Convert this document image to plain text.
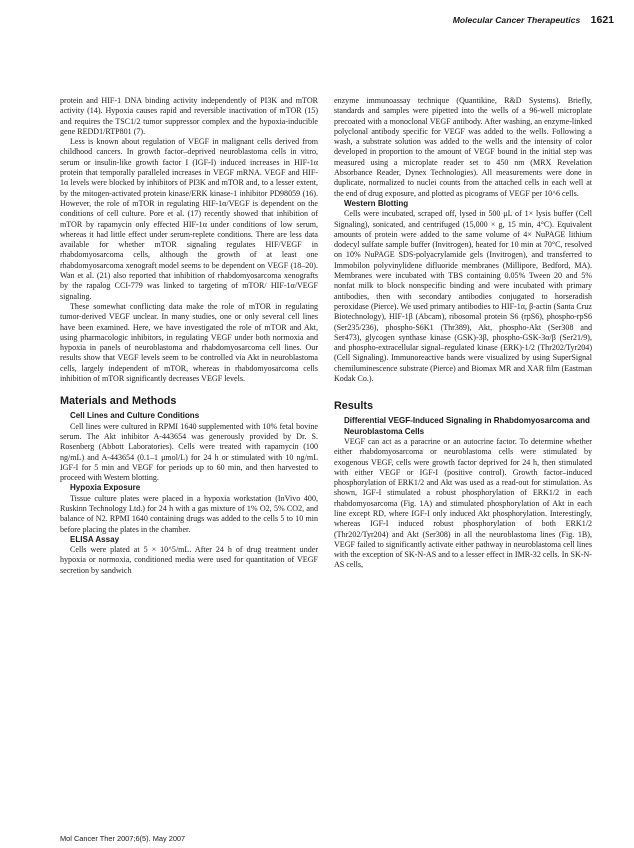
Molecular Cancer Therapeutics 1621

protein and HIF-1 DNA binding activity independently of PI3K and mTOR activity (14). Hypoxia causes rapid and reversible inactivation of mTOR (15) and requires the TSC1/2 tumor suppressor complex and the hypoxia-inducible gene REDD1/RTP801 (7).

Less is known about regulation of VEGF in malignant cells derived from childhood cancers. In growth factor–deprived neuroblastoma cells in vitro, serum or insulin-like growth factor I (IGF-I) induced increases in HIF-1α protein that temporally paralleled increases in VEGF mRNA. VEGF and HIF-1α levels were blocked by inhibitors of PI3K and mTOR and, to a lesser extent, by the mitogen-activated protein kinase/ERK kinase-1 inhibitor PD98059 (16). However, the role of mTOR in regulating HIF-1α/VEGF is dependent on the conditions of cell culture. Pore et al. (17) recently showed that inhibition of mTOR by rapamycin only effected HIF-1α under conditions of low serum, whereas it had little effect under serum-replete conditions. There are less data available for whether mTOR signaling regulates HIF/VEGF in rhabdomyosarcoma cells, although the growth of at least one rhabdomyosarcoma xenograft model seems to be dependent on VEGF (18–20). Wan et al. (21) also reported that inhibition of rhabdomyosarcoma xenografts by the rapalog CCI-779 was linked to targeting of mTOR/ HIF-1α/VEGF signaling.

These somewhat conflicting data make the role of mTOR in regulating tumor-derived VEGF unclear. In many studies, one or only several cell lines have been examined. Here, we have investigated the role of mTOR and Akt, using pharmacologic inhibitors, in regulating VEGF under both normoxia and hypoxia in panels of neuroblastoma and rhabdomyosarcoma cell lines. Our results show that VEGF levels seem to be controlled via Akt in neuroblastoma cells, largely independent of mTOR, whereas in rhabdomyosarcoma cells inhibition of mTOR significantly decreases VEGF levels.

Materials and Methods
Cell Lines and Culture Conditions

Cell lines were cultured in RPMI 1640 supplemented with 10% fetal bovine serum. The Akt inhibitor A-443654 was generously provided by Dr. S. Rosenberg (Abbott Laboratories). Cells were treated with rapamycin (100 ng/mL) and A-443654 (0.1–1 μmol/L) for 24 h or stimulated with 10 ng/mL IGF-I for 5 min and VEGF for periods up to 60 min, and then harvested to proceed with Western blotting.

Hypoxia Exposure

Tissue culture plates were placed in a hypoxia workstation (InVivo 400, Ruskinn Technology Ltd.) for 24 h with a gas mixture of 1% O2, 5% CO2, and balance of N2. RPMI 1640 containing drugs was added to the cells 5 to 10 min before placing the plates in the chamber.

ELISA Assay

Cells were plated at 5 × 10^5/mL. After 24 h of drug treatment under hypoxia or normoxia, conditioned media were used for quantitation of VEGF secretion by sandwich

enzyme immunoassay technique (Quantikine, R&D Systems). Briefly, standards and samples were pipetted into the wells of a 96-well microplate precoated with a monoclonal VEGF antibody. After washing, an enzyme-linked polyclonal antibody specific for VEGF was added to the wells. Following a wash, a substrate solution was added to the wells and the intensity of color developed in proportion to the amount of VEGF bound in the initial step was measured using a microplate reader set to 450 nm (MRX Revelation Absorbance Reader, Dynex Technologies). All measurements were done in duplicate, normalized to nuclei counts from the attached cells in each well at the end of drug exposure, and plotted as picograms of VEGF per 10^6 cells.

Western Blotting

Cells were incubated, scraped off, lysed in 500 μL of 1× lysis buffer (Cell Signaling), sonicated, and centrifuged (15,000 × g, 15 min, 4°C). Equivalent amounts of protein were added to the same volume of 4× NuPAGE lithium dodecyl sulfate sample buffer (Invitrogen), heated for 10 min at 70°C, resolved on 10% NuPAGE SDS-polyacrylamide gels (Invitrogen), and transferred to Immobilon polyvinylidene difluoride membranes (Millipore, Bedford, MA). Membranes were incubated with TBS containing 0.05% Tween 20 and 5% nonfat milk to block nonspecific binding and were incubated with primary antibodies, then with secondary antibodies conjugated to horseradish peroxidase (Pierce). We used primary antibodies to HIF-1α, β-actin (Santa Cruz Biotechnology), HIF-1β (Abcam), ribosomal protein S6 (rpS6), phospho-rpS6 (Ser235/236), phospho-S6K1 (Thr389), Akt, phospho-Akt (Ser308 and Ser473), glycogen synthase kinase (GSK)-3β, phospho-GSK-3α/β (Ser21/9), and phospho-extracellular signal–regulated kinase (ERK)-1/2 (Thr202/Tyr204) (Cell Signaling). Immunoreactive bands were visualized by using SuperSignal chemiluminescence substrate (Pierce) and Biomax MR and XAR film (Eastman Kodak Co.).

Results
Differential VEGF-Induced Signaling in Rhabdomyosarcoma and Neuroblastoma Cells

VEGF can act as a paracrine or an autocrine factor. To determine whether either rhabdomyosarcoma or neuroblastoma cells were stimulated by exogenous VEGF, cells were growth factor deprived for 24 h, then stimulated with either VEGF or IGF-I (positive control). Growth factor–induced phosphorylation of ERK1/2 and Akt was used as a read-out for stimulation. As shown, IGF-I stimulated a robust phosphorylation of ERK1/2 in each rhabdomyosarcoma (Fig. 1A) and stimulated phosphorylation of Akt in each line except RD, where IGF-I only induced Akt phosphorylation. Interestingly, whereas IGF-I induced robust phosphorylation of both ERK1/2 (Thr202/Tyr204) and Akt (Ser308) in all the neuroblastoma lines (Fig. 1B), VEGF failed to significantly activate either pathway in neuroblastoma cell lines with the exception of SK-N-AS and to a lesser effect in IMR-32 cells. In SK-N-AS cells,

Mol Cancer Ther 2007;6(5). May 2007
